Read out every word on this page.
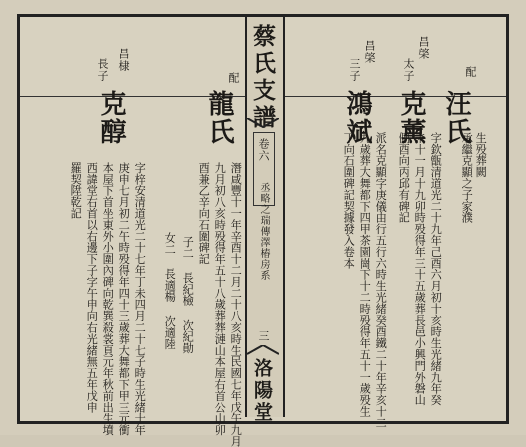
蔡氏支譜
卷六
丞略之瑞傳澤樁房系
三
洛陽堂
配
汪氏
生殁葬闕
承繼克顯之子家濮
昌棨
太子
克薰
字欽甑清道光二十九年己酉六月初十亥時生光緒九年癸
未十一月十九卯時殁得年三十五歲葬長邑小興門外磐山
側酉向丙邱有碑記
昌棨
三子
鴻斌
派名克顯字庚儀由行五行六時生光緒癸酉鐵二十年辛亥十二
九歲葬大舞都下四甲茶園崗下十二時殁得年五十一歲殁生
丁向石圍碑記契據發入卷本
配
龍氏
潛咸豐十一年辛酉十二月二十八亥時生民國七年戊午九月
九月初八亥時殁得年五十八歲葬葬漣山本屋右首公山卯
酉兼乙辛向石圍碑記
子二 長紀檢 次紀勛
女二 長適楊 次適陸
昌棣
長子
克醇
字梓安清道光二十七年丁未四月二十七子時生光緒十年
庚申七月初二午時殁得年四十三歲葬大舞都下甲三元衝
本屋下首坐東外小圍內碑向乾巽殺裳頁元年秋前出生墳
西諱堂右首以右邊下子字午申向右光緒無五年戊申
羅契陞乾記
